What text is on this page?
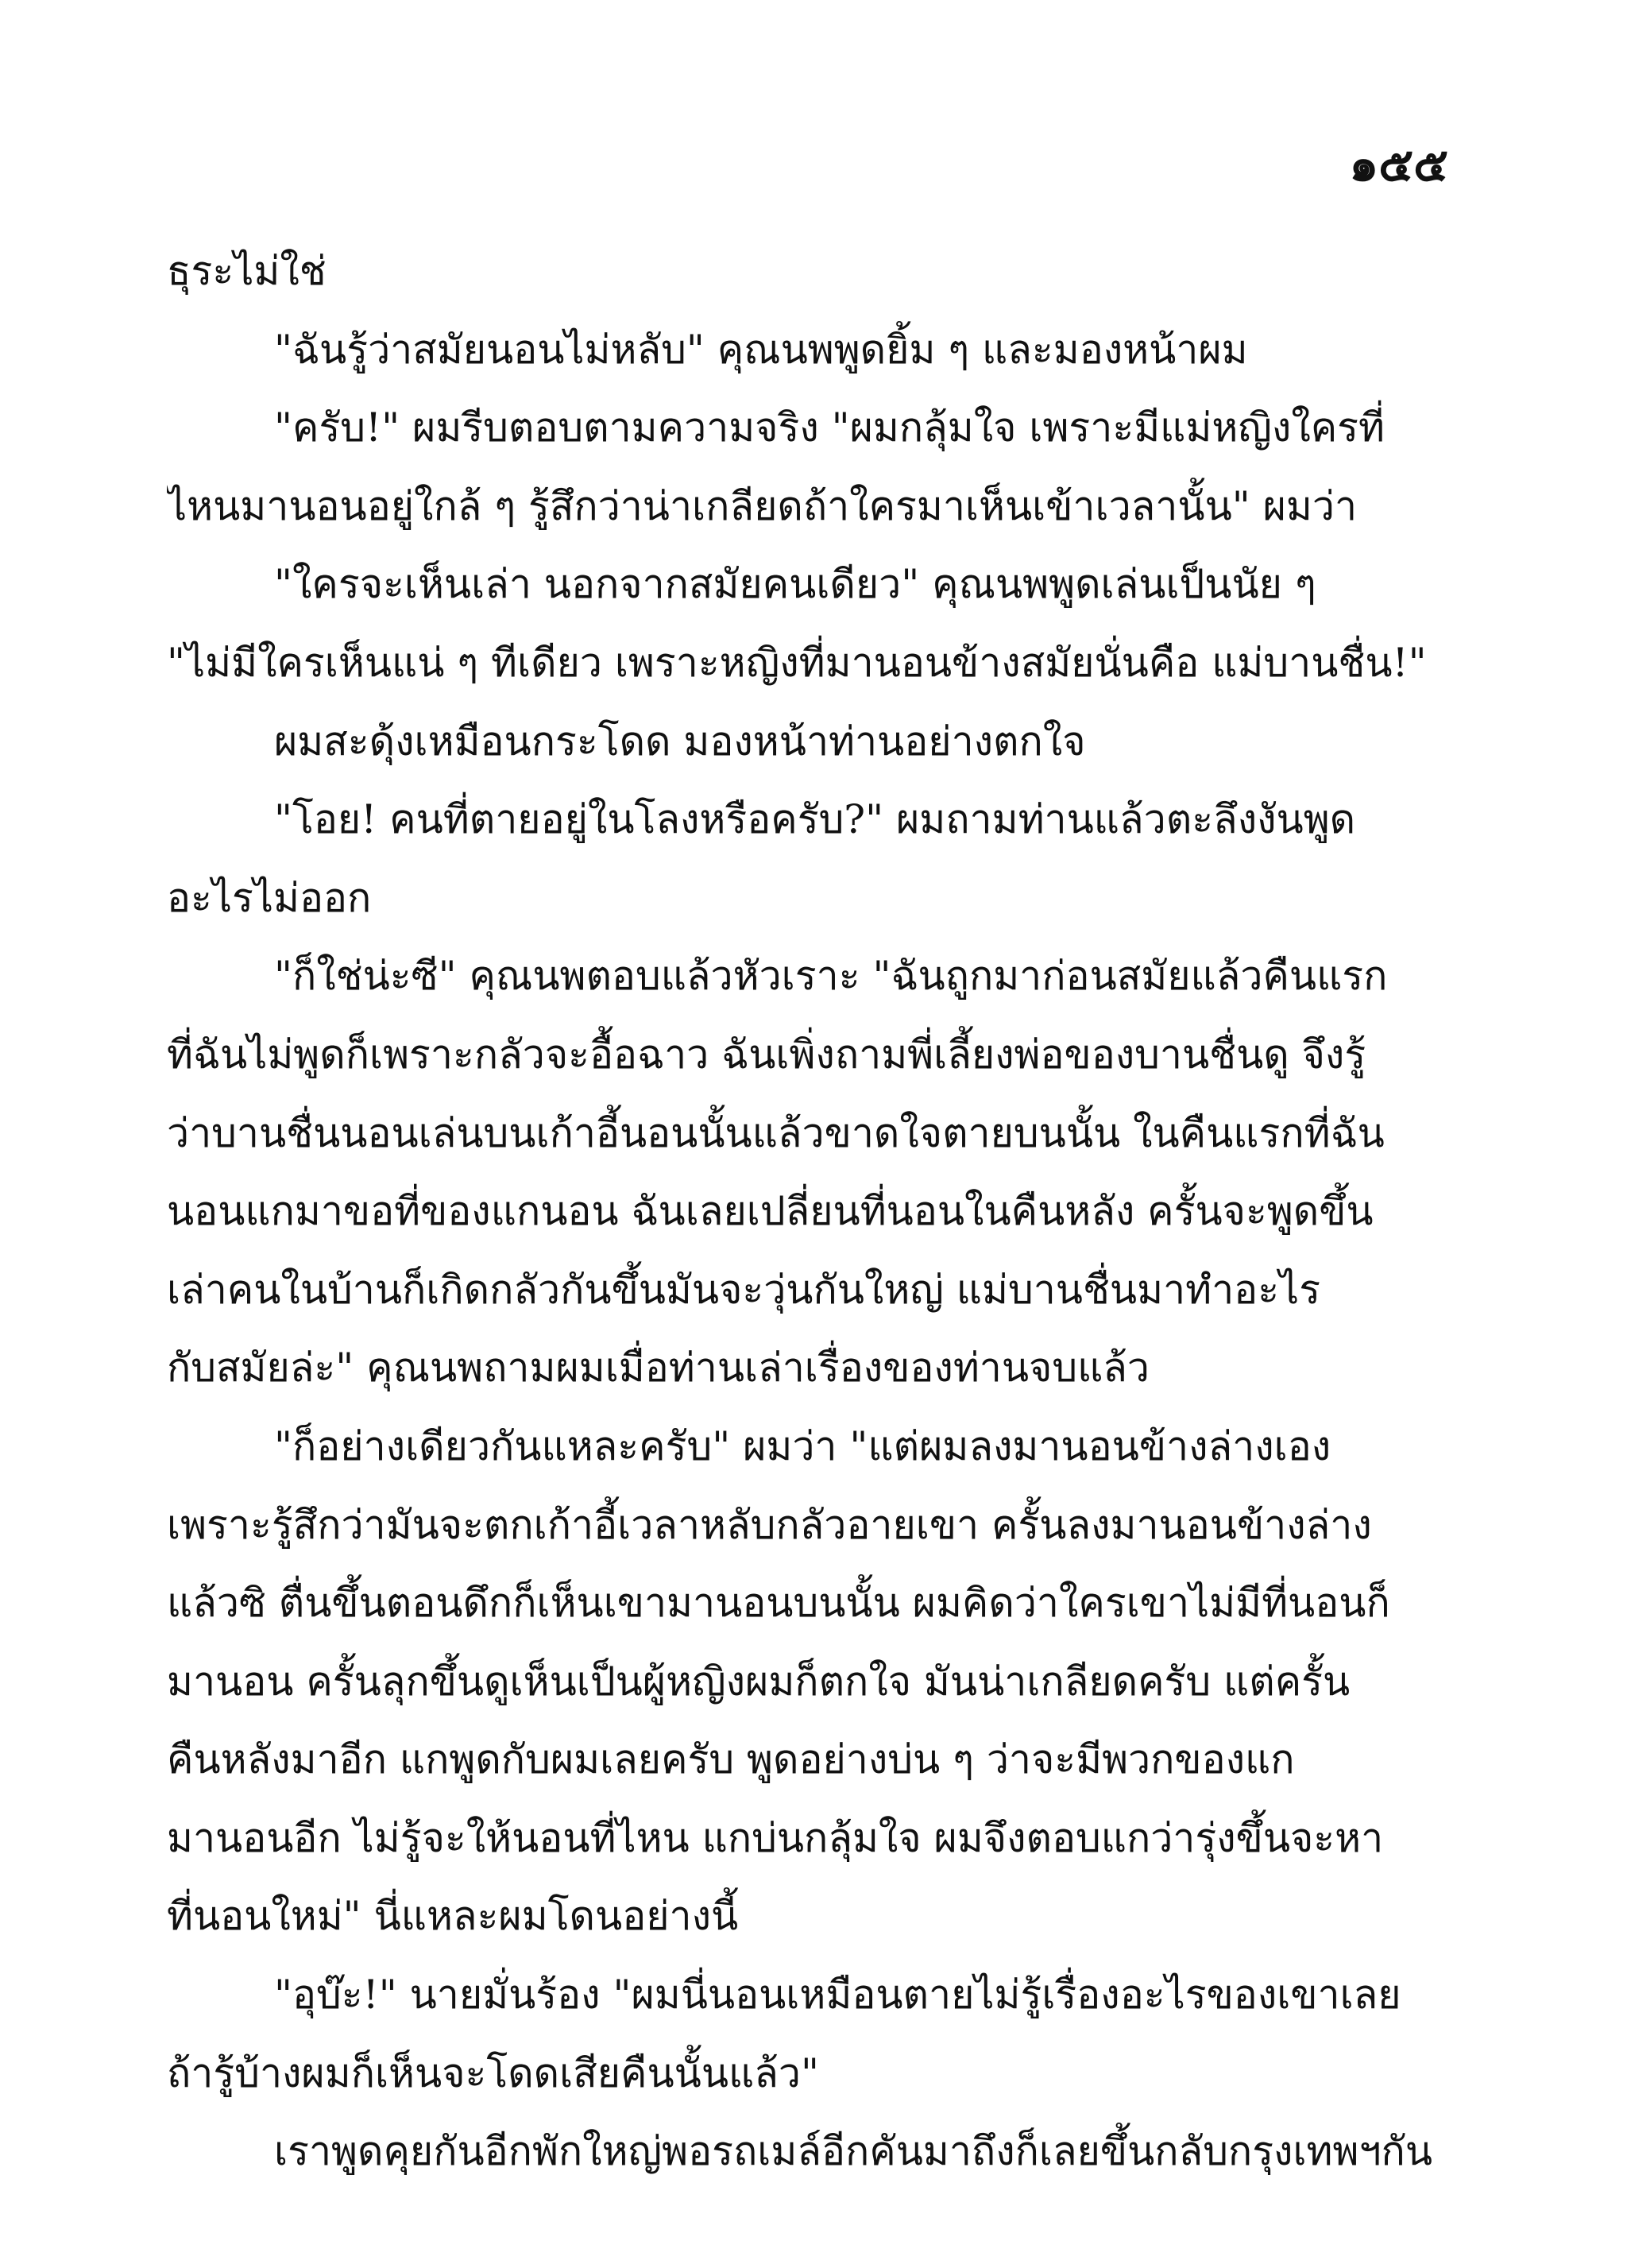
๑๕๕
ธุระไม่ใช่
"ฉันรู้ว่าสมัยนอนไม่หลับ" คุณนพพูดยิ้ม ๆ และมองหน้าผม
"ครับ!" ผมรีบตอบตามความจริง "ผมกลุ้มใจ เพราะมีแม่หญิงใครที่
ไหนมานอนอยู่ใกล้ ๆ รู้สึกว่าน่าเกลียดถ้าใครมาเห็นเข้าเวลานั้น" ผมว่า
"ใครจะเห็นเล่า นอกจากสมัยคนเดียว" คุณนพพูดเล่นเป็นนัย ๆ
"ไม่มีใครเห็นแน่ ๆ ทีเดียว เพราะหญิงที่มานอนข้างสมัยนั่นคือ แม่บานชื่น!"
ผมสะดุ้งเหมือนกระโดด มองหน้าท่านอย่างตกใจ
"โอย! คนที่ตายอยู่ในโลงหรือครับ?" ผมถามท่านแล้วตะลึงงันพูด
อะไรไม่ออก
"ก็ใช่น่ะซี" คุณนพตอบแล้วหัวเราะ "ฉันถูกมาก่อนสมัยแล้วคืนแรก
ที่ฉันไม่พูดก็เพราะกลัวจะอื้อฉาว ฉันเพิ่งถามพี่เลี้ยงพ่อของบานชื่นดู จึงรู้
ว่าบานชื่นนอนเล่นบนเก้าอี้นอนนั้นแล้วขาดใจตายบนนั้น ในคืนแรกที่ฉัน
นอนแกมาขอที่ของแกนอน ฉันเลยเปลี่ยนที่นอนในคืนหลัง ครั้นจะพูดขึ้น
เล่าคนในบ้านก็เกิดกลัวกันขึ้นมันจะวุ่นกันใหญ่ แม่บานชื่นมาทำอะไร
กับสมัยล่ะ" คุณนพถามผมเมื่อท่านเล่าเรื่องของท่านจบแล้ว
"ก็อย่างเดียวกันแหละครับ" ผมว่า "แต่ผมลงมานอนข้างล่างเอง
เพราะรู้สึกว่ามันจะตกเก้าอี้เวลาหลับกลัวอายเขา ครั้นลงมานอนข้างล่าง
แล้วซิ ตื่นขึ้นตอนดึกก็เห็นเขามานอนบนนั้น ผมคิดว่าใครเขาไม่มีที่นอนก็
มานอน ครั้นลุกขึ้นดูเห็นเป็นผู้หญิงผมก็ตกใจ มันน่าเกลียดครับ แต่ครั้น
คืนหลังมาอีก แกพูดกับผมเลยครับ พูดอย่างบ่น ๆ ว่าจะมีพวกของแก
มานอนอีก ไม่รู้จะให้นอนที่ไหน แกบ่นกลุ้มใจ ผมจึงตอบแกว่ารุ่งขึ้นจะหา
ที่นอนใหม่" นี่แหละผมโดนอย่างนี้
"อุบ๊ะ!" นายมั่นร้อง "ผมนี่นอนเหมือนตายไม่รู้เรื่องอะไรของเขาเลย
ถ้ารู้บ้างผมก็เห็นจะโดดเสียคืนนั้นแล้ว"
เราพูดคุยกันอีกพักใหญ่พอรถเมล์อีกคันมาถึงก็เลยขึ้นกลับกรุงเทพฯกัน
